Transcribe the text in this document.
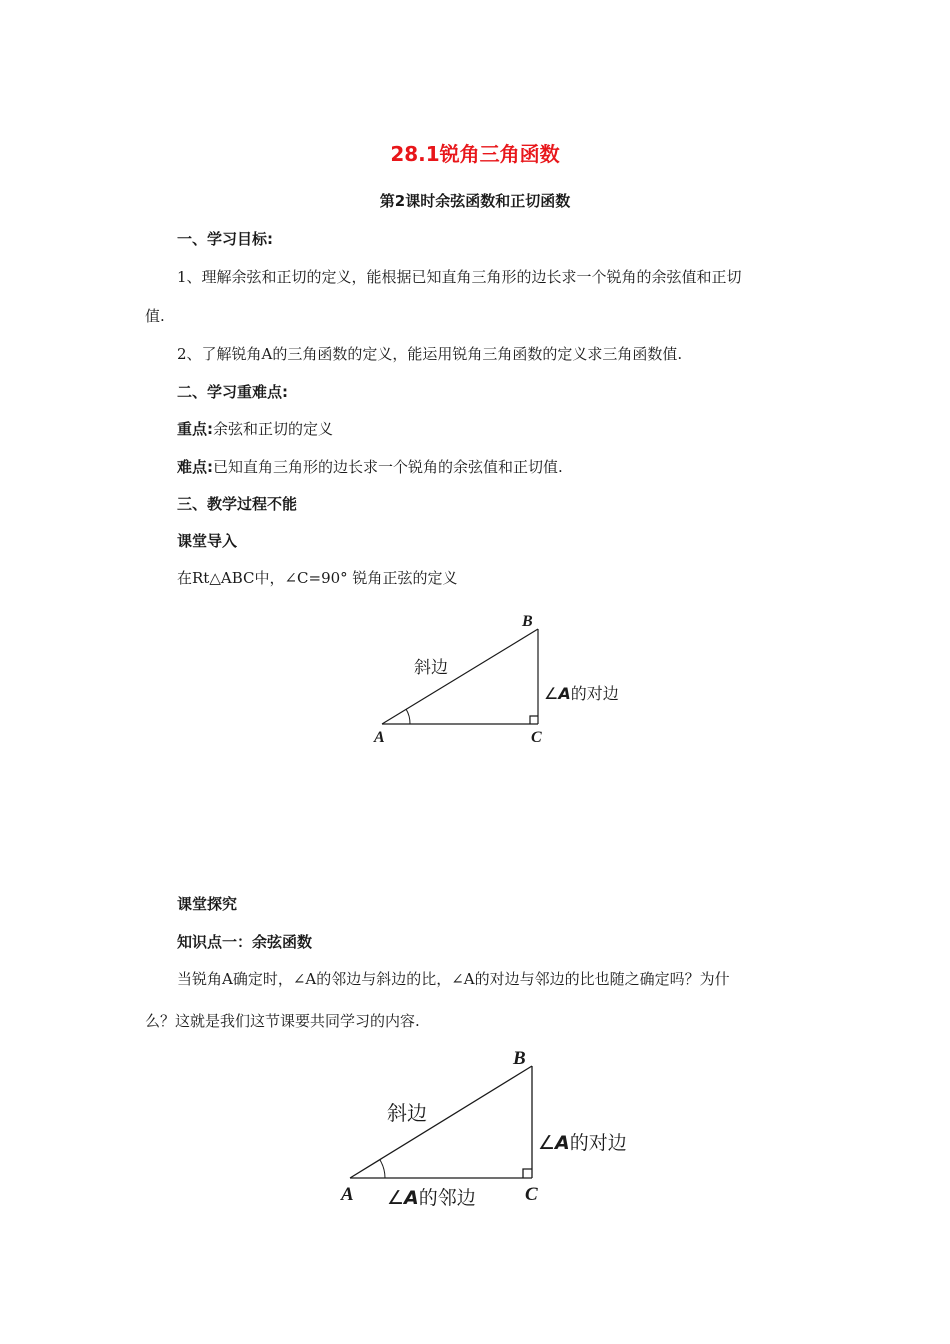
28.1锐角三角函数
第2课时余弦函数和正切函数
一、学习目标:
1、理解余弦和正切的定义，能根据已知直角三角形的边长求一个锐角的余弦值和正切
值.
2、了解锐角A的三角函数的定义，能运用锐角三角函数的定义求三角函数值.
二、学习重难点:
重点:余弦和正切的定义
难点:已知直角三角形的边长求一个锐角的余弦值和正切值.
三、教学过程不能
课堂导入
在Rt△ABC中，∠C=90° 锐角正弦的定义
A
B
C
斜边
∠A的对边
课堂探究
知识点一：余弦函数
当锐角A确定时，∠A的邻边与斜边的比，∠A的对边与邻边的比也随之确定吗？为什
么？这就是我们这节课要共同学习的内容.
A
B
C
斜边
∠A的对边
∠A的邻边
